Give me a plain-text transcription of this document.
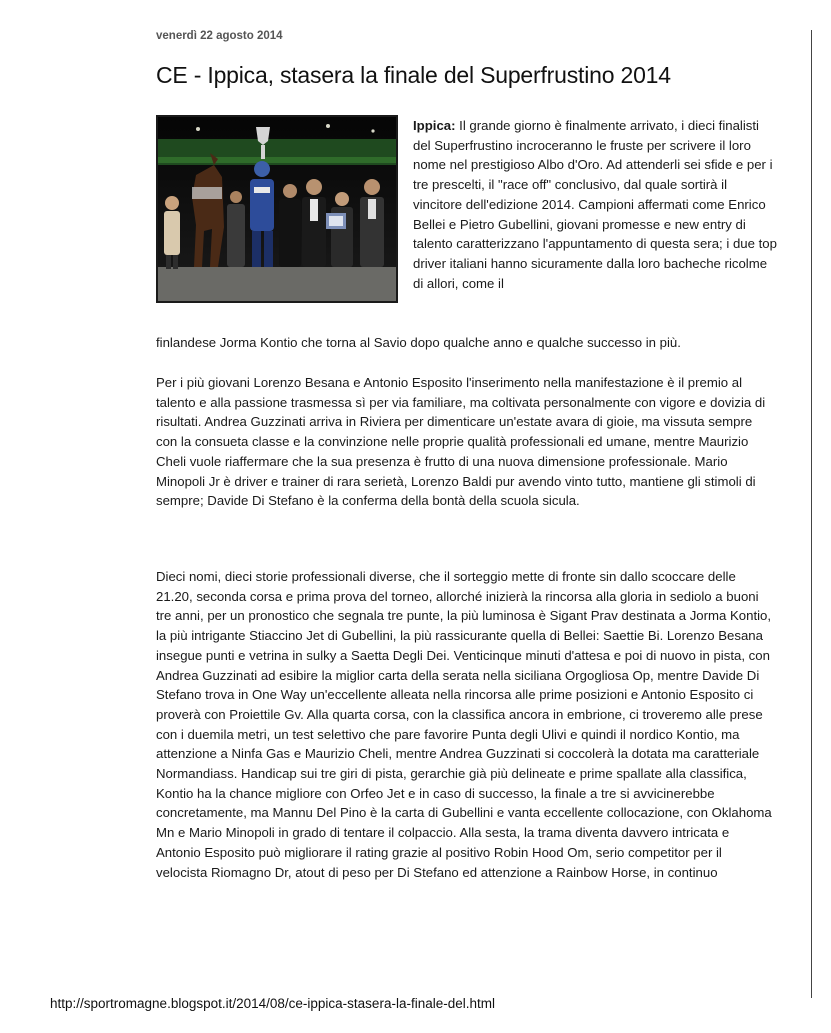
venerdì 22 agosto 2014
CE - Ippica, stasera la finale del Superfrustino 2014
Ippica: Il grande giorno è finalmente arrivato, i dieci finalisti del Superfrustino incroceranno le fruste per scrivere il loro nome nel prestigioso Albo d'Oro. Ad attenderli sei sfide e per i tre prescelti, il "race off" conclusivo, dal quale sortirà il vincitore dell'edizione 2014. Campioni affermati come Enrico Bellei e Pietro Gubellini, giovani promesse e new entry di talento caratterizzano l'appuntamento di questa sera; i due top driver italiani hanno sicuramente dalla loro bacheche ricolme di allori, come il
finlandese Jorma Kontio che torna al Savio dopo qualche anno e qualche successo in più.
Per i più giovani Lorenzo Besana e Antonio Esposito l'inserimento nella manifestazione è il premio al talento e alla passione trasmessa sì per via familiare, ma coltivata personalmente con vigore e dovizia di risultati. Andrea Guzzinati arriva in Riviera per dimenticare un'estate avara di gioie, ma vissuta sempre con la consueta classe e la convinzione nelle proprie qualità professionali ed umane, mentre Maurizio Cheli vuole riaffermare che la sua presenza è frutto di una nuova dimensione professionale. Mario Minopoli Jr è driver e trainer di rara serietà, Lorenzo Baldi pur avendo vinto tutto, mantiene gli stimoli di sempre; Davide Di Stefano è la conferma della bontà della scuola sicula.
Dieci nomi, dieci storie professionali diverse, che il sorteggio mette di fronte sin dallo scoccare delle 21.20, seconda corsa e prima prova del torneo, allorché inizierà la rincorsa alla gloria in sediolo a buoni tre anni, per un pronostico che segnala tre punte, la più luminosa è Sigant Prav destinata a Jorma Kontio, la più intrigante Stiaccino Jet di Gubellini, la più rassicurante quella di Bellei: Saettie Bi. Lorenzo Besana insegue punti e vetrina in sulky a Saetta Degli Dei. Venticinque minuti d'attesa e poi di nuovo in pista, con Andrea Guzzinati ad esibire la miglior carta della serata nella siciliana Orgogliosa Op, mentre Davide Di Stefano trova in One Way un'eccellente alleata nella rincorsa alle prime posizioni e Antonio Esposito ci proverà con Proiettile Gv. Alla quarta corsa, con la classifica ancora in embrione, ci troveremo alle prese con i duemila metri, un test selettivo che pare favorire Punta degli Ulivi e quindi il nordico Kontio, ma attenzione a Ninfa Gas e Maurizio Cheli, mentre Andrea Guzzinati si coccolerà la dotata ma caratteriale Normandiass. Handicap sui tre giri di pista, gerarchie già più delineate e prime spallate alla classifica, Kontio ha la chance migliore con Orfeo Jet e in caso di successo, la finale a tre si avvicinerebbe concretamente, ma Mannu Del Pino è la carta di Gubellini e vanta eccellente collocazione, con Oklahoma Mn e Mario Minopoli in grado di tentare il colpaccio. Alla sesta, la trama diventa davvero intricata e Antonio Esposito può migliorare il rating grazie al positivo Robin Hood Om, serio competitor per il velocista Riomagno Dr, atout di peso per Di Stefano ed attenzione a Rainbow Horse, in continuo
http://sportromagne.blogspot.it/2014/08/ce-ippica-stasera-la-finale-del.html
